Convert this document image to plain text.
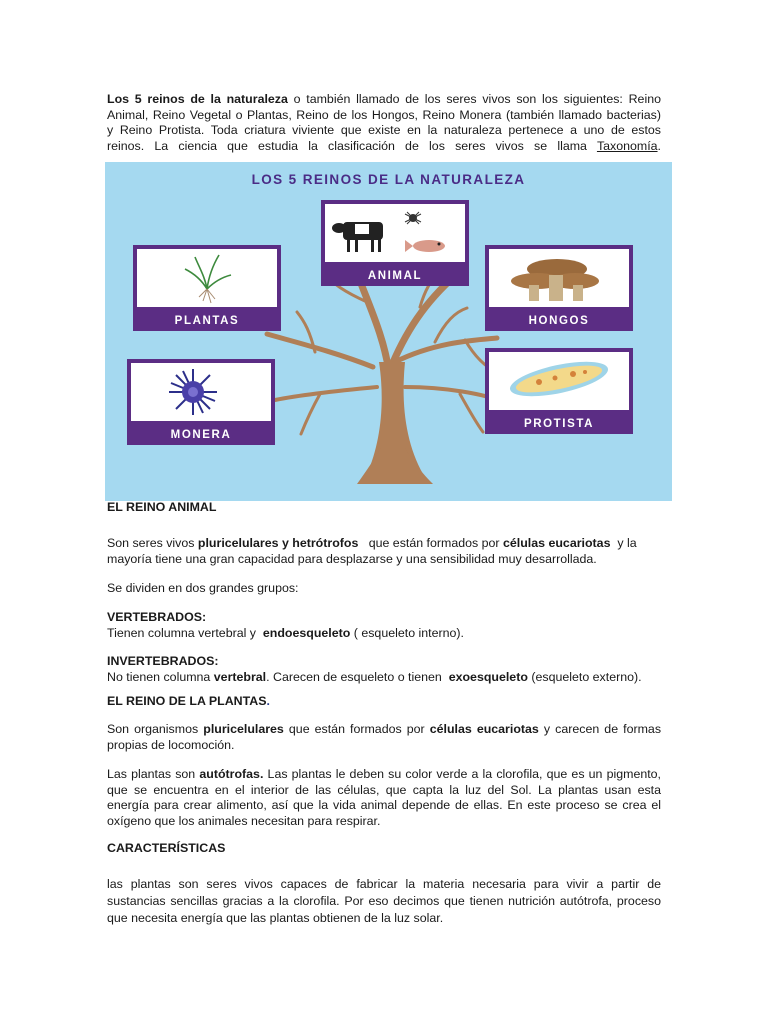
Los 5 reinos de la naturaleza o también llamado de los seres vivos son los siguientes: Reino

Animal, Reino Vegetal o Plantas, Reino de los Hongos, Reino Monera (también llamado bacterias)

y Reino Protista. Toda criatura viviente que existe en la naturaleza pertenece a uno de estos

reinos. La ciencia que estudia la clasificación de los seres vivos se llama Taxonomía.

LOS 5 REINOS DE LA NATURALEZA
ANIMAL
PLANTAS	HONGOS
MONERA
PROTISTA

EL REINO ANIMAL

Son seres vivos pluricelulares y hetrótrofos que están formados por células eucariotas y la

mayoría tiene una gran capacidad para desplazarse y una sensibilidad muy desarrollada.

Se dividen en dos grandes grupos:

VERTEBRADOS:

Tienen columna vertebral y endoesqueleto ( esqueleto interno).

INVERTEBRADOS:

No tienen columna vertebral. Carecen de esqueleto o tienen exoesqueleto (esqueleto externo).

EL REINO DE LA PLANTAS.

Son organismos pluricelulares que están formados por células eucariotas y carecen de formas

propias de locomoción.

Las plantas son autótrofas. Las plantas le deben su color verde a la clorofila, que es un pigmento,

que se encuentra en el interior de las células, que capta la luz del Sol. La plantas usan esta

energía para crear alimento, así que la vida animal depende de ellas. En este proceso se crea el

oxígeno que los animales necesitan para respirar.

CARACTERÍSTICAS

las plantas son seres vivos capaces de fabricar la materia necesaria para vivir a partir de

sustancias sencillas gracias a la clorofila. Por eso decimos que tienen nutrición autótrofa, proceso

que necesita energía que las plantas obtienen de la luz solar.
